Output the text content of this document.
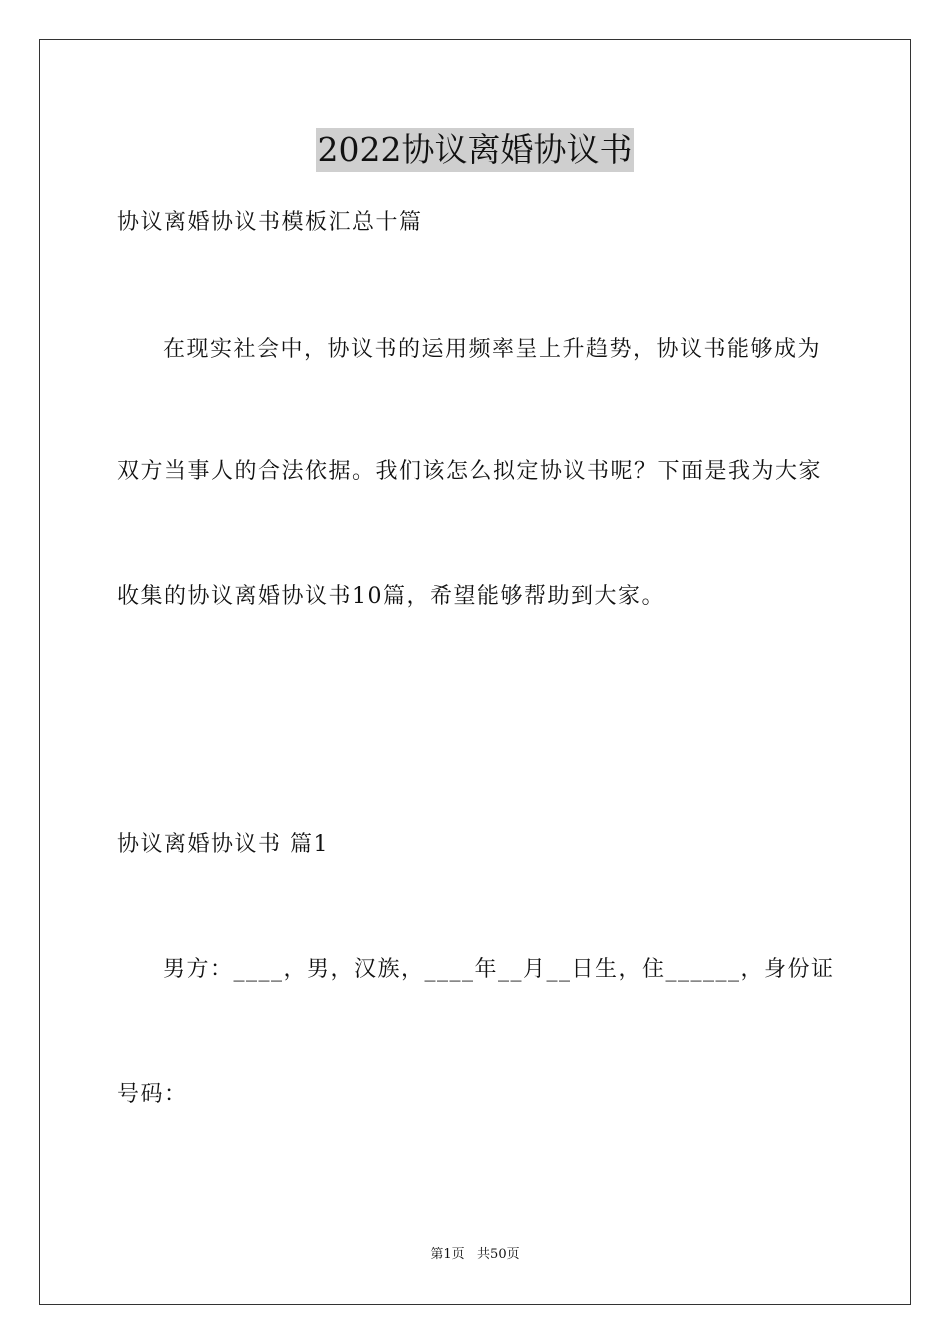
2022协议离婚协议书
协议离婚协议书模板汇总十篇
在现实社会中，协议书的运用频率呈上升趋势，协议书能够成为
双方当事人的合法依据。我们该怎么拟定协议书呢？下面是我为大家
收集的协议离婚协议书10篇，希望能够帮助到大家。
协议离婚协议书 篇1
男方：____，男，汉族，____年__月__日生，住______，身份证
号码：
第1页   共50页
